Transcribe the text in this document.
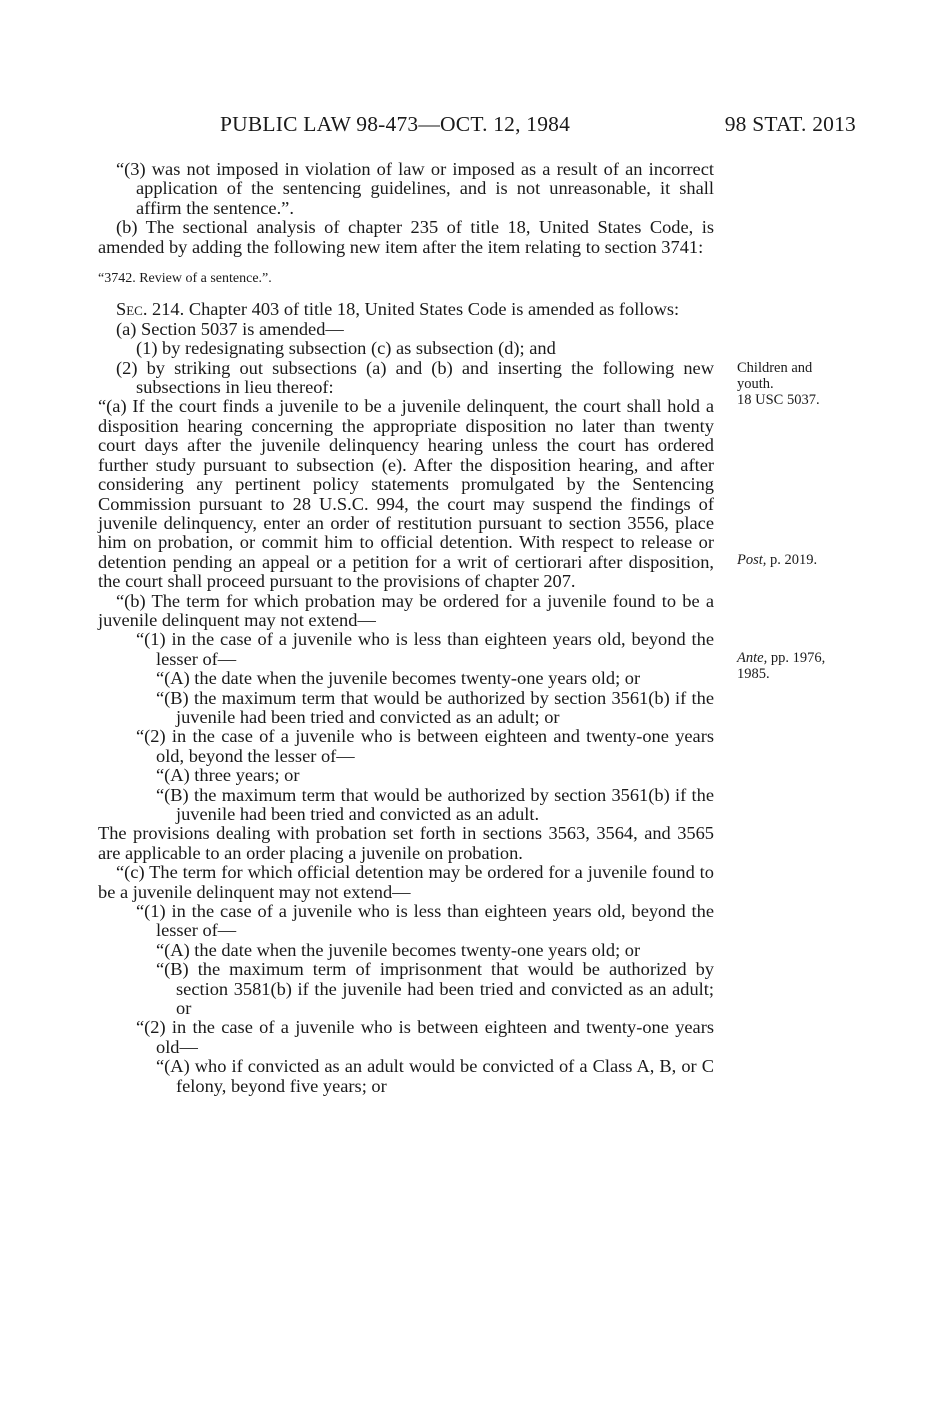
PUBLIC LAW 98-473—OCT. 12, 1984	98 STAT. 2013

“(3) was not imposed in violation of law or imposed as a result of an incorrect application of the sentencing guidelines, and is not unreasonable, it shall affirm the sentence.”.

(b) The sectional analysis of chapter 235 of title 18, United States Code, is amended by adding the following new item after the item relating to section 3741:

“3742. Review of a sentence.”.

Sec. 214. Chapter 403 of title 18, United States Code is amended as follows:

(a) Section 5037 is amended—

(1) by redesignating subsection (c) as subsection (d); and

(2) by striking out subsections (a) and (b) and inserting the following new subsections in lieu thereof:

“(a) If the court finds a juvenile to be a juvenile delinquent, the court shall hold a disposition hearing concerning the appropriate disposition no later than twenty court days after the juvenile delinquency hearing unless the court has ordered further study pursuant to subsection (e). After the disposition hearing, and after considering any pertinent policy statements promulgated by the Sentencing Commission pursuant to 28 U.S.C. 994, the court may suspend the findings of juvenile delinquency, enter an order of restitution pursuant to section 3556, place him on probation, or commit him to official detention. With respect to release or detention pending an appeal or a petition for a writ of certiorari after disposition, the court shall proceed pursuant to the provisions of chapter 207.

“(b) The term for which probation may be ordered for a juvenile found to be a juvenile delinquent may not extend—

“(1) in the case of a juvenile who is less than eighteen years old, beyond the lesser of—

“(A) the date when the juvenile becomes twenty-one years old; or

“(B) the maximum term that would be authorized by section 3561(b) if the juvenile had been tried and convicted as an adult; or

“(2) in the case of a juvenile who is between eighteen and twenty-one years old, beyond the lesser of—

“(A) three years; or

“(B) the maximum term that would be authorized by section 3561(b) if the juvenile had been tried and convicted as an adult.

The provisions dealing with probation set forth in sections 3563, 3564, and 3565 are applicable to an order placing a juvenile on probation.

“(c) The term for which official detention may be ordered for a juvenile found to be a juvenile delinquent may not extend—

“(1) in the case of a juvenile who is less than eighteen years old, beyond the lesser of—

“(A) the date when the juvenile becomes twenty-one years old; or

“(B) the maximum term of imprisonment that would be authorized by section 3581(b) if the juvenile had been tried and convicted as an adult; or

“(2) in the case of a juvenile who is between eighteen and twenty-one years old—

“(A) who if convicted as an adult would be convicted of a Class A, B, or C felony, beyond five years; or

Children and
youth.
18 USC 5037.
Post, p. 2019.
Ante, pp. 1976,
1985.
